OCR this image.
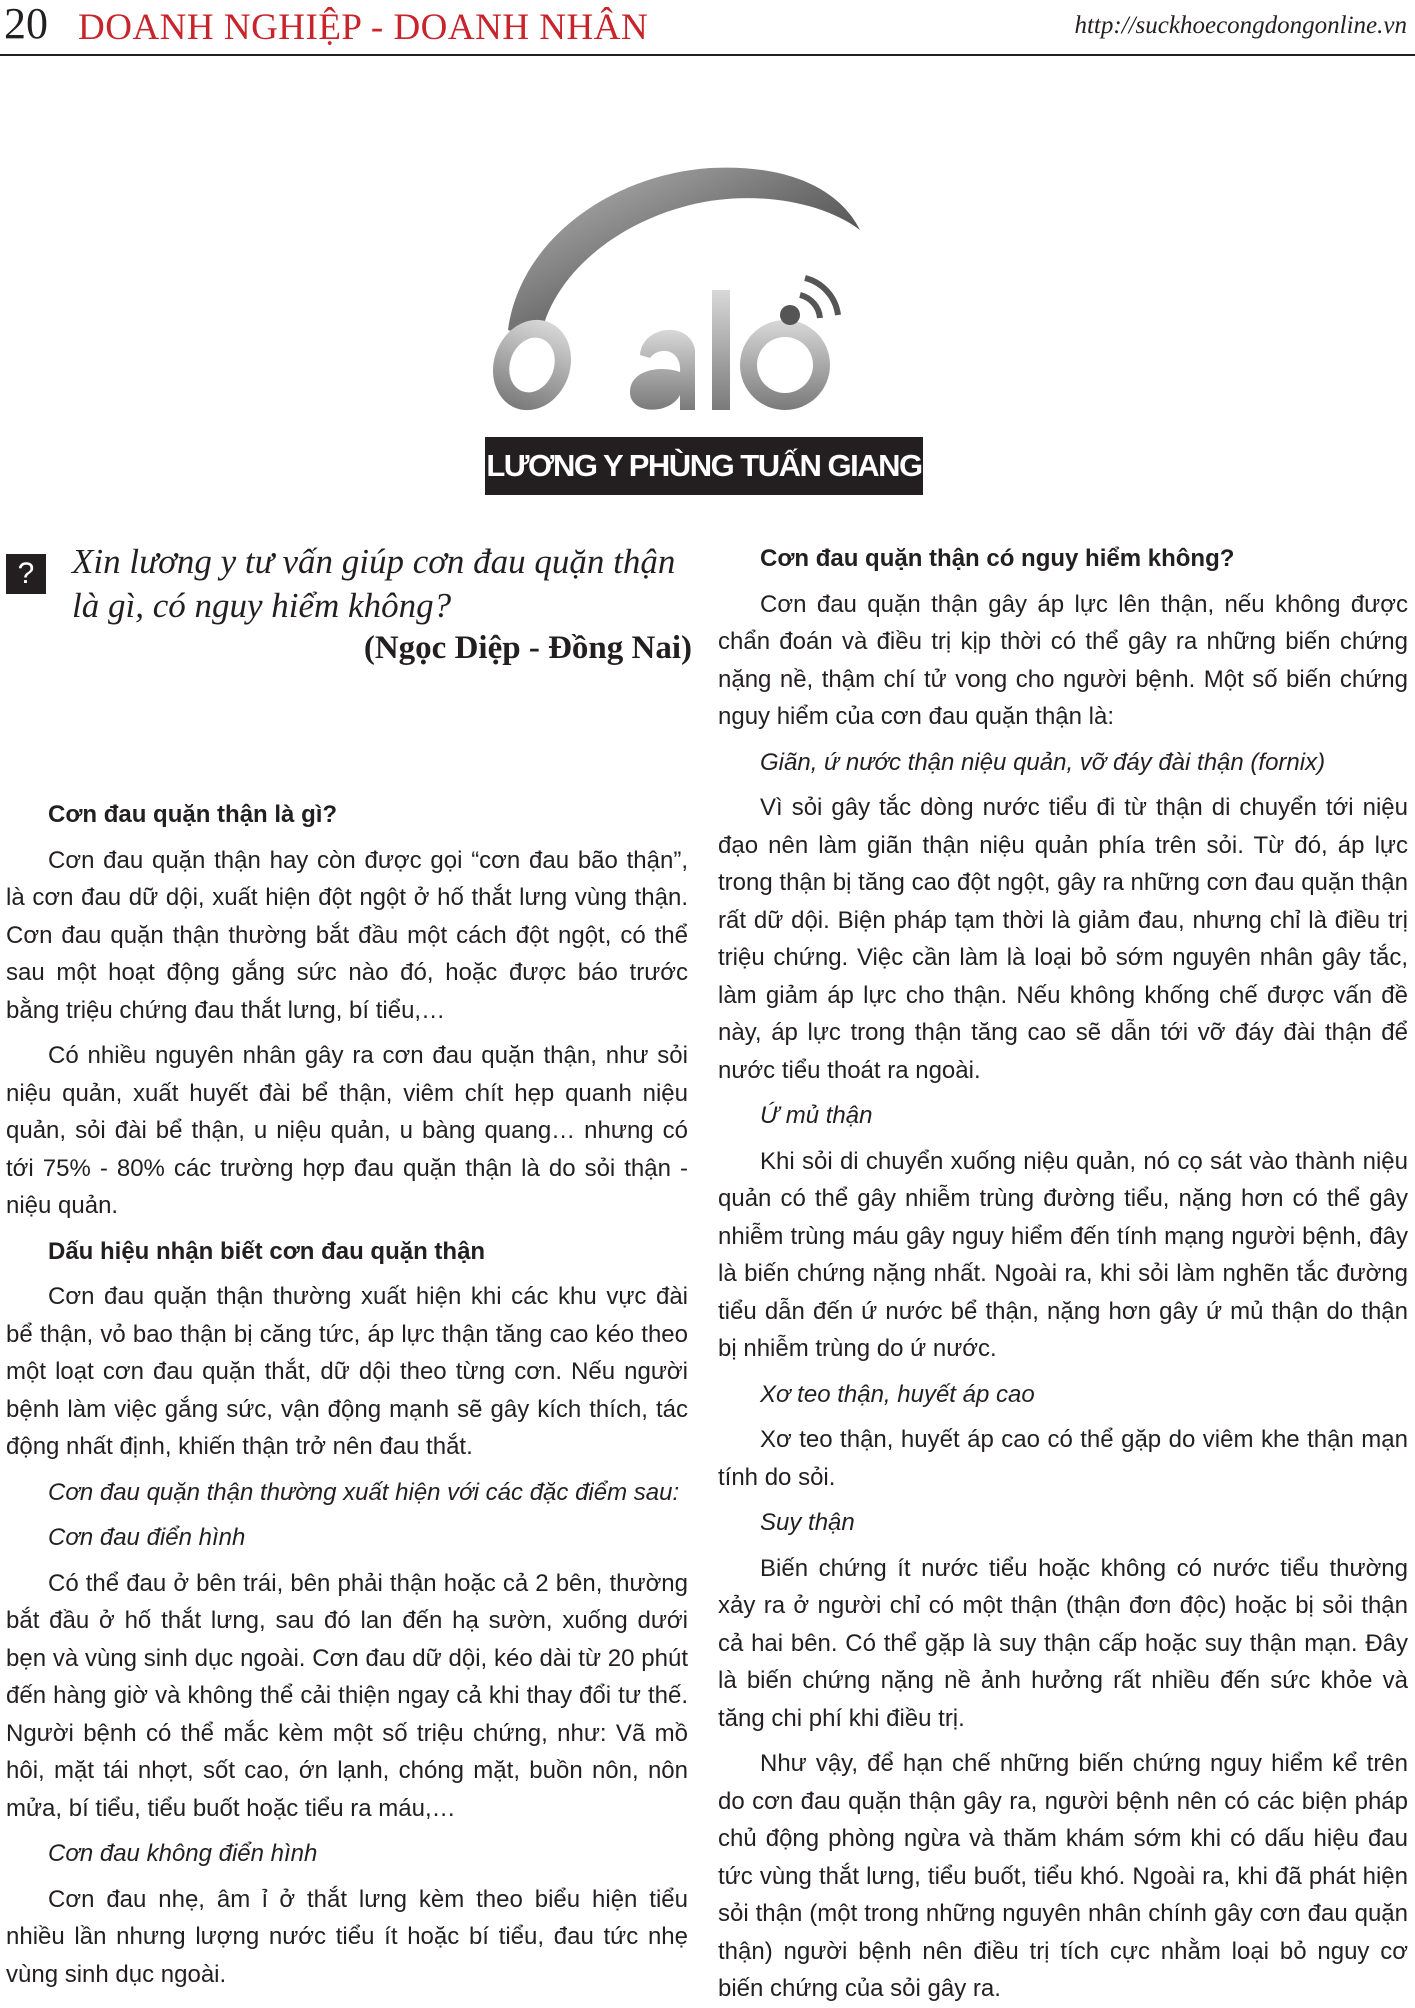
20 DOANH NGHIỆP - DOANH NHÂN	http://suckhoecongdongonline.vn
LƯƠNG Y PHÙNG TUẤN GIANG XIN NGHE
?	Xin lương y tư vấn giúp cơn đau quặn thận là gì, có nguy hiểm không?
(Ngọc Diệp - Đồng Nai)

Cơn đau quặn thận là gì?

Cơn đau quặn thận hay còn được gọi “cơn đau bão thận”, là cơn đau dữ dội, xuất hiện đột ngột ở hố thắt lưng vùng thận. Cơn đau quặn thận thường bắt đầu một cách đột ngột, có thể sau một hoạt động gắng sức nào đó, hoặc được báo trước bằng triệu chứng đau thắt lưng, bí tiểu,…

Có nhiều nguyên nhân gây ra cơn đau quặn thận, như sỏi niệu quản, xuất huyết đài bể thận, viêm chít hẹp quanh niệu quản, sỏi đài bể thận, u niệu quản, u bàng quang… nhưng có tới 75% - 80% các trường hợp đau quặn thận là do sỏi thận - niệu quản.

Dấu hiệu nhận biết cơn đau quặn thận

Cơn đau quặn thận thường xuất hiện khi các khu vực đài bể thận, vỏ bao thận bị căng tức, áp lực thận tăng cao kéo theo một loạt cơn đau quặn thắt, dữ dội theo từng cơn. Nếu người bệnh làm việc gắng sức, vận động mạnh sẽ gây kích thích, tác động nhất định, khiến thận trở nên đau thắt.

Cơn đau quặn thận thường xuất hiện với các đặc điểm sau:

Cơn đau điển hình

Có thể đau ở bên trái, bên phải thận hoặc cả 2 bên, thường bắt đầu ở hố thắt lưng, sau đó lan đến hạ sườn, xuống dưới bẹn và vùng sinh dục ngoài. Cơn đau dữ dội, kéo dài từ 20 phút đến hàng giờ và không thể cải thiện ngay cả khi thay đổi tư thế. Người bệnh có thể mắc kèm một số triệu chứng, như: Vã mồ hôi, mặt tái nhợt, sốt cao, ớn lạnh, chóng mặt, buồn nôn, nôn mửa, bí tiểu, tiểu buốt hoặc tiểu ra máu,…

Cơn đau không điển hình

Cơn đau nhẹ, âm ỉ ở thắt lưng kèm theo biểu hiện tiểu nhiều lần nhưng lượng nước tiểu ít hoặc bí tiểu, đau tức nhẹ vùng sinh dục ngoài.

Cơn đau quặn thận có nguy hiểm không?

Cơn đau quặn thận gây áp lực lên thận, nếu không được chẩn đoán và điều trị kịp thời có thể gây ra những biến chứng nặng nề, thậm chí tử vong cho người bệnh. Một số biến chứng nguy hiểm của cơn đau quặn thận là:

Giãn, ứ nước thận niệu quản, vỡ đáy đài thận (fornix)

Vì sỏi gây tắc dòng nước tiểu đi từ thận di chuyển tới niệu đạo nên làm giãn thận niệu quản phía trên sỏi. Từ đó, áp lực trong thận bị tăng cao đột ngột, gây ra những cơn đau quặn thận rất dữ dội. Biện pháp tạm thời là giảm đau, nhưng chỉ là điều trị triệu chứng. Việc cần làm là loại bỏ sớm nguyên nhân gây tắc, làm giảm áp lực cho thận. Nếu không khống chế được vấn đề này, áp lực trong thận tăng cao sẽ dẫn tới vỡ đáy đài thận để nước tiểu thoát ra ngoài.

Ứ mủ thận

Khi sỏi di chuyển xuống niệu quản, nó cọ sát vào thành niệu quản có thể gây nhiễm trùng đường tiểu, nặng hơn có thể gây nhiễm trùng máu gây nguy hiểm đến tính mạng người bệnh, đây là biến chứng nặng nhất. Ngoài ra, khi sỏi làm nghẽn tắc đường tiểu dẫn đến ứ nước bể thận, nặng hơn gây ứ mủ thận do thận bị nhiễm trùng do ứ nước.

Xơ teo thận, huyết áp cao

Xơ teo thận, huyết áp cao có thể gặp do viêm khe thận mạn tính do sỏi.

Suy thận

Biến chứng ít nước tiểu hoặc không có nước tiểu thường xảy ra ở người chỉ có một thận (thận đơn độc) hoặc bị sỏi thận cả hai bên. Có thể gặp là suy thận cấp hoặc suy thận mạn. Đây là biến chứng nặng nề ảnh hưởng rất nhiều đến sức khỏe và tăng chi phí khi điều trị.

Như vậy, để hạn chế những biến chứng nguy hiểm kể trên do cơn đau quặn thận gây ra, người bệnh nên có các biện pháp chủ động phòng ngừa và thăm khám sớm khi có dấu hiệu đau tức vùng thắt lưng, tiểu buốt, tiểu khó. Ngoài ra, khi đã phát hiện sỏi thận (một trong những nguyên nhân chính gây cơn đau quặn thận) người bệnh nên điều trị tích cực nhằm loại bỏ nguy cơ biến chứng của sỏi gây ra.
